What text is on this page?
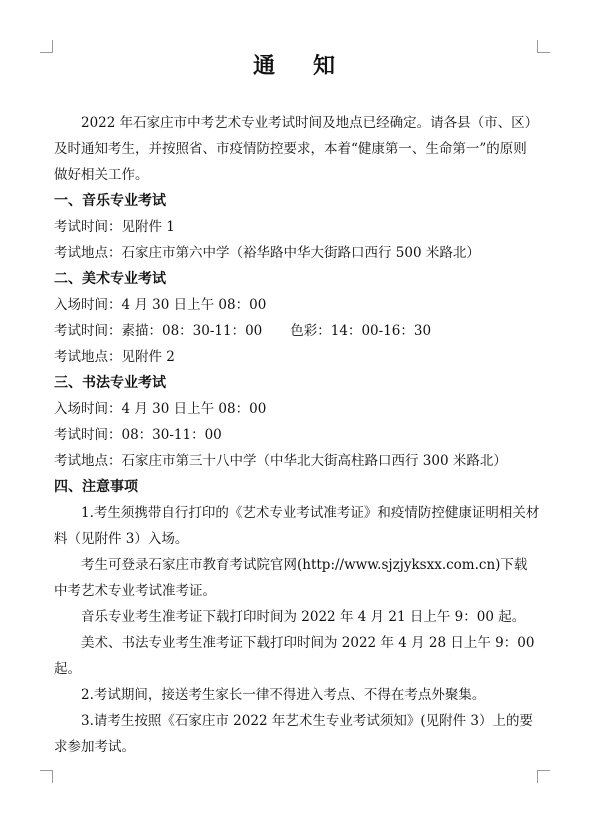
通 知

2022 年石家庄市中考艺术专业考试时间及地点已经确定。请各县（市、区）及时通知考生，并按照省、市疫情防控要求，本着“健康第一、生命第一”的原则做好相关工作。

一、音乐专业考试

考试时间：见附件 1

考试地点：石家庄市第六中学（裕华路中华大街路口西行 500 米路北）

二、美术专业考试

入场时间：4 月 30 日上午 08：00

考试时间：素描：08：30-11：00 色彩：14：00-16：30

考试地点：见附件 2

三、书法专业考试

入场时间：4 月 30 日上午 08：00

考试时间：08：30-11：00

考试地点：石家庄市第三十八中学（中华北大街高柱路口西行 300 米路北）

四、注意事项

1.考生须携带自行打印的《艺术专业考试准考证》和疫情防控健康证明相关材料（见附件 3）入场。

考生可登录石家庄市教育考试院官网(http://www.sjzjyksxx.com.cn)下载中考艺术专业考试准考证。

音乐专业考生准考证下载打印时间为 2022 年 4 月 21 日上午 9：00 起。

美术、书法专业考生准考证下载打印时间为 2022 年 4 月 28 日上午 9：00 起。

2.考试期间，接送考生家长一律不得进入考点、不得在考点外聚集。

3.请考生按照《石家庄市 2022 年艺术生专业考试须知》(见附件 3）上的要求参加考试。
